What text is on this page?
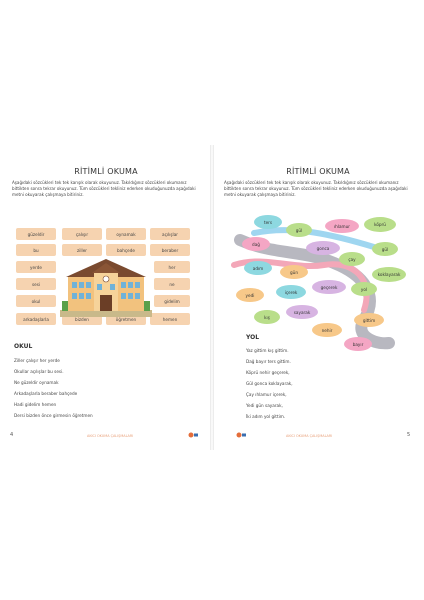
RİTİMLİ OKUMA
Aşağıdaki sözcükleri tek tek karışık olarak okuyunuz. Takıldığınız sözcükleri okumanız bittikten sonra tekrar okuyunuz. Tüm sözcükleri tekliniz ederken okuduğunuzda aşağıdaki metni okuyarak çalışmaya bitiriniz.
güzeldir	çalışır	oynamak	açılışlar
bu	ziller	bahçede	beraber
yerde	her
sesi	ne
okul	gidelim
arkadaşlarla	bizden	öğretmen	hemen
OKUL
Ziller çalışır her yerde
Okullar açılışlar bu sesi.
Ne güzeldir oynamak
Arkadaşlarla beraber bahçede
Hadi gidelim hemen
Dersi bizden önce girmesin öğretmen
4	AKICI OKUMA ÇALIŞMALARI
RİTİMLİ OKUMA
Aşağıdaki sözcükleri tek tek karışık olarak okuyunuz. Takıldığınız sözcükleri okumanız bittikten sonra tekrar okuyunuz. Tüm sözcükleri tekliniz ederken okuduğunuzda aşağıdaki metni okuyarak çalışmaya bitiriniz.
ters
gül
ıhlamur	köprü
dağ
gonca	gül
çay
adım
gün	koklayarak
yedi
içerek
geçerek	yol
kış
sayarak
gittim
nehir
bayır
YOL
Yaz gittim kış gittim.
Dağ bayır ters gittim.
Köprü nehir geçerek,
Gül gonca koklayarak,
Çay ıhlamur içerek,
Yedi gün sayarak,
İki adım yol gittim.
AKICI OKUMA ÇALIŞMALARI	5
